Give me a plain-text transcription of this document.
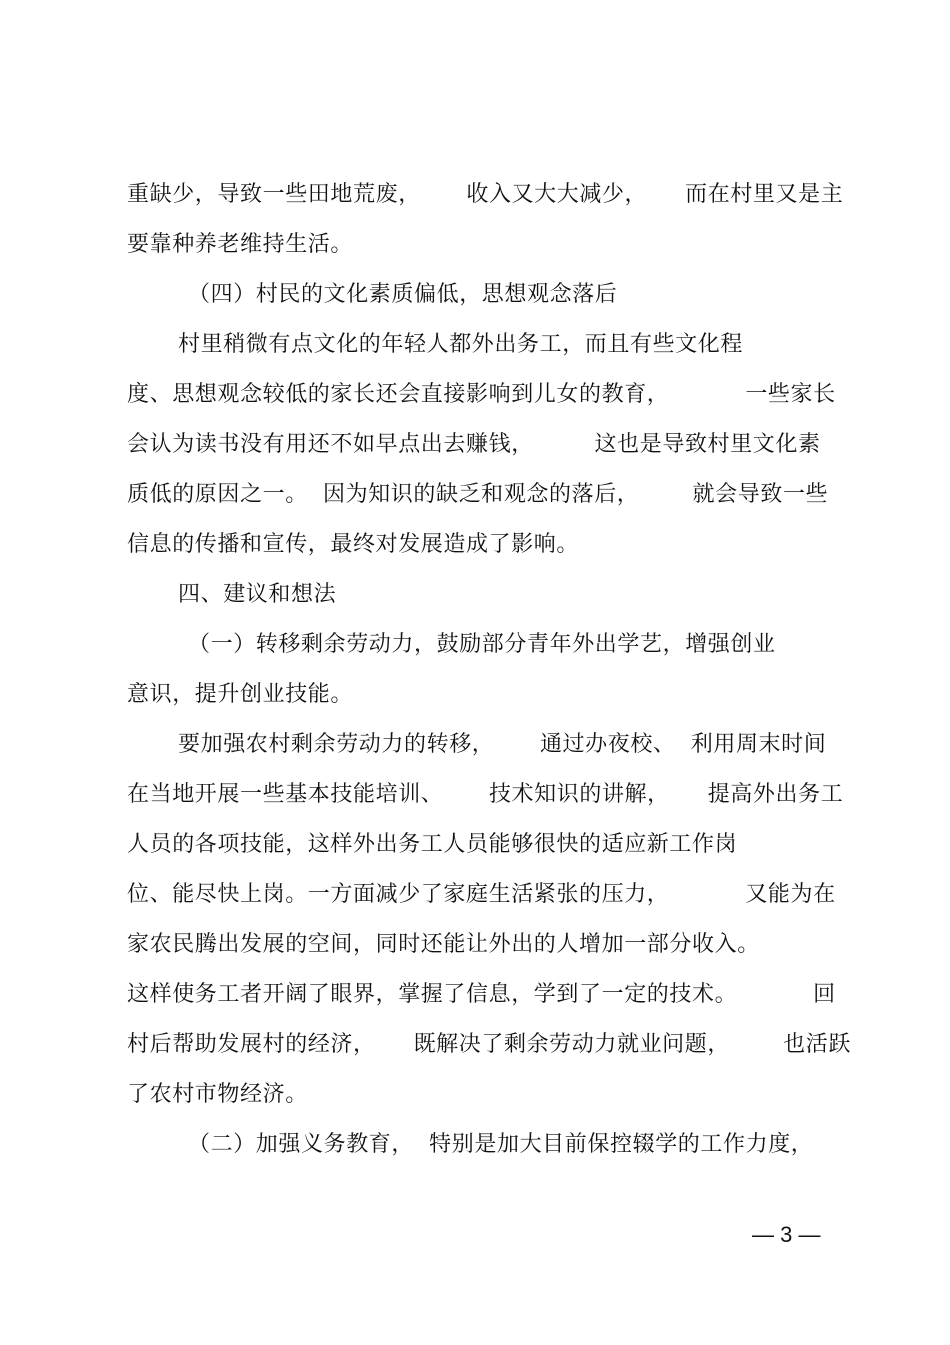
重缺少，导致一些田地荒废，      收入又大大减少，     而在村里又是主
要靠种养老维持生活。
（四）村民的文化素质偏低，思想观念落后
村里稍微有点文化的年轻人都外出务工，而且有些文化程
度、思想观念较低的家长还会直接影响到儿女的教育，          一些家长
会认为读书没有用还不如早点出去赚钱，        这也是导致村里文化素
质低的原因之一。  因为知识的缺乏和观念的落后，       就会导致一些
信息的传播和宣传，最终对发展造成了影响。
四、建议和想法
（一）转移剩余劳动力，鼓励部分青年外出学艺，增强创业
意识，提升创业技能。
要加强农村剩余劳动力的转移，      通过办夜校、  利用周末时间
在当地开展一些基本技能培训、      技术知识的讲解，     提高外出务工
人员的各项技能，这样外出务工人员能够很快的适应新工作岗
位、能尽快上岗。一方面减少了家庭生活紧张的压力，          又能为在
家农民腾出发展的空间，同时还能让外出的人增加一部分收入。
这样使务工者开阔了眼界，掌握了信息，学到了一定的技术。          回
村后帮助发展村的经济，     既解决了剩余劳动力就业问题，       也活跃
了农村市物经济。
（二）加强义务教育，  特别是加大目前保控辍学的工作力度，
— 3 —
